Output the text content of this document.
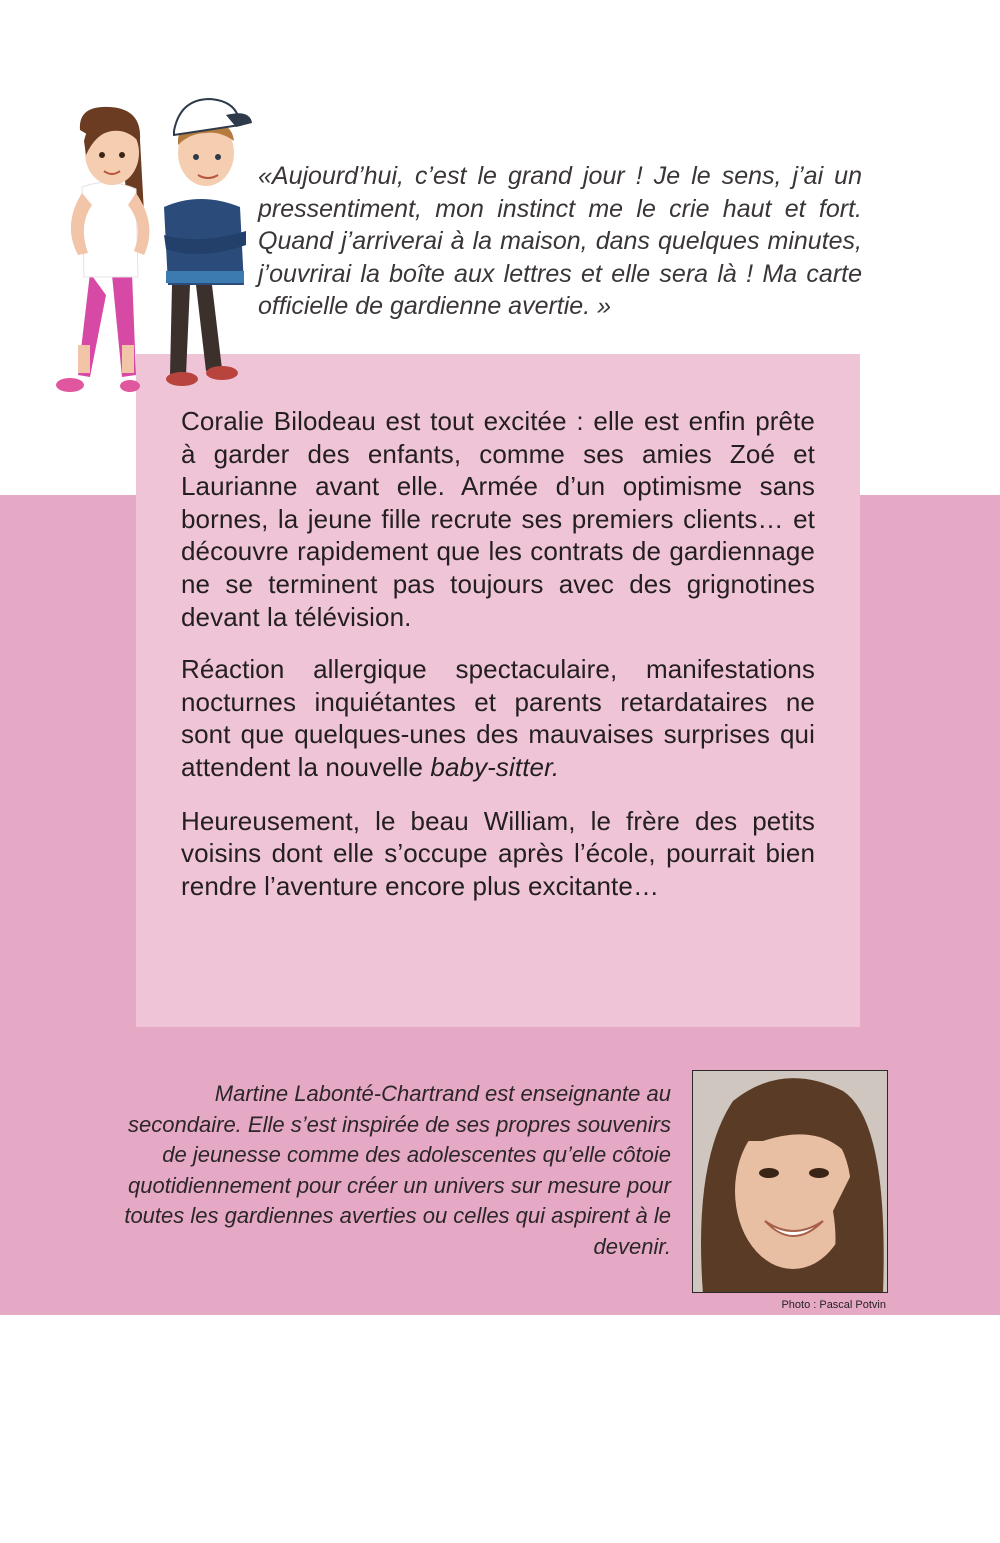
«Aujourd’hui, c’est le grand jour ! Je le sens, j’ai un pressentiment, mon instinct me le crie haut et fort. Quand j’arriverai à la maison, dans quelques minutes, j’ouvrirai la boîte aux lettres et elle sera là ! Ma carte officielle de gardienne avertie. »

Coralie Bilodeau est tout excitée : elle est enfin prête à garder des enfants, comme ses amies Zoé et Laurianne avant elle. Armée d’un optimisme sans bornes, la jeune fille recrute ses premiers clients… et découvre rapidement que les contrats de gardiennage ne se terminent pas toujours avec des grignotines devant la télévision.

Réaction allergique spectaculaire, manifestations nocturnes inquiétantes et parents retardataires ne sont que quelques-unes des mauvaises surprises qui attendent la nouvelle baby-sitter.

Heureusement, le beau William, le frère des petits voisins dont elle s’occupe après l’école, pourrait bien rendre l’aventure encore plus excitante…

Martine Labonté-Chartrand est enseignante au secondaire. Elle s’est inspirée de ses propres souvenirs de jeunesse comme des adolescentes qu’elle côtoie quotidiennement pour créer un univers sur mesure pour toutes les gardiennes averties ou celles qui aspirent à le devenir.
Photo : Pascal Potvin
